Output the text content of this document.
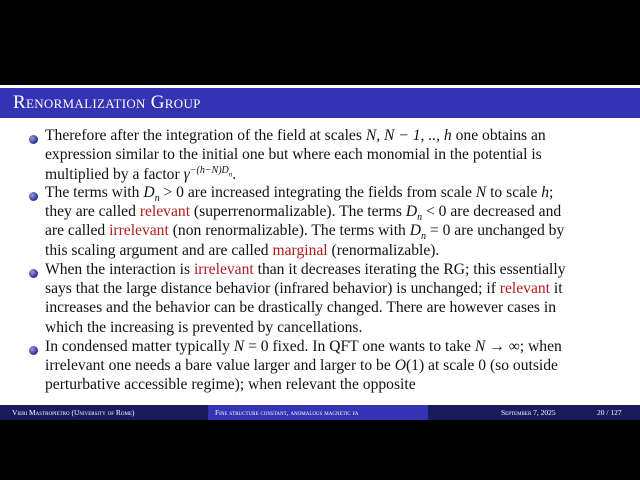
Renormalization Group
Therefore after the integration of the field at scales N, N − 1, .., h one obtains an
expression similar to the initial one but where each monomial in the potential is
multiplied by a factor $\gamma^{-(h-N)Dn}$.
The terms with $D_n > 0$ are increased integrating the fields from scale N to scale h;
they are called relevant (superrenormalizable). The terms $D_n < 0$ are decreased and
are called irrelevant (non renormalizable). The terms with $D_n = 0$ are unchanged by
this scaling argument and are called marginal (renormalizable).
When the interaction is irrelevant than it decreases iterating the RG; this essentially
says that the large distance behavior (infrared behavior) is unchanged; if relevant it
increases and the behavior can be drastically changed. There are however cases in
which the increasing is prevented by cancellations.
In condensed matter typically N = 0 fixed. In QFT one wants to take N → ∞; when
irrelevant one needs a bare value larger and larger to be O(1) at scale 0 (so outside
perturbative accessible regime); when relevant the opposite
Vieri Mastropietro (University of Rome)	Fine structure constant, anomalous magnetic fa	September 7, 2025	20 / 127
